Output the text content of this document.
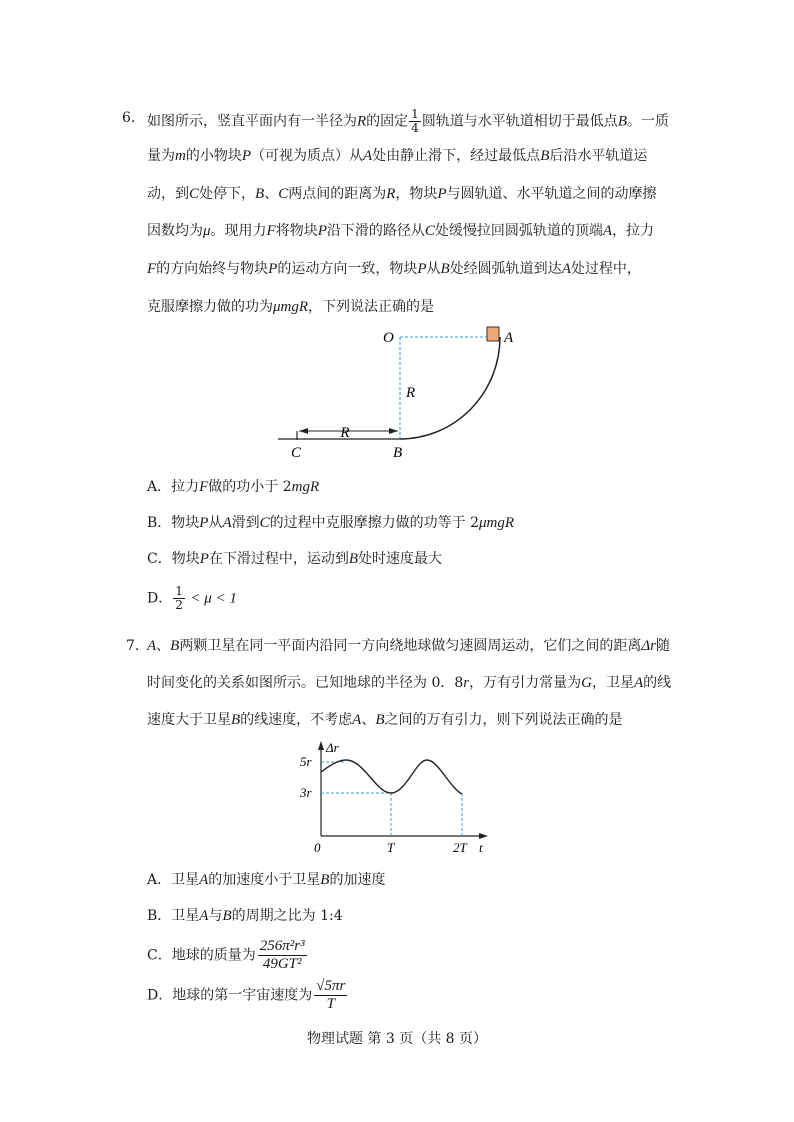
6. 如图所示，竖直平面内有一半径为R的固定 $\frac{1}{4}$ 圆轨道与水平轨道相切于最低点B。一质
量为m的小物块P（可视为质点）从A处由静止滑下，经过最低点B后沿水平轨道运
动，到C处停下，B、C两点间的距离为R，物块P与圆轨道、水平轨道之间的动摩擦
因数均为μ。现用力F将物块P沿下滑的路径从C处缓慢拉回圆弧轨道的顶端A，拉力
F的方向始终与物块P的运动方向一致，物块P从B处经圆弧轨道到达A处过程中，
克服摩擦力做的功为μmgR，下列说法正确的是
O	A
R
R
C	B
A．拉力F做的功小于 2mgR
B．物块P从A滑到C的过程中克服摩擦力做的功等于 2μmgR
C．物块P在下滑过程中，运动到B处时速度最大
D． $\frac{1}{2} < \mu < 1$
7. A、B两颗卫星在同一平面内沿同一方向绕地球做匀速圆周运动，它们之间的距离Δr随
时间变化的关系如图所示。已知地球的半径为 0．8r，万有引力常量为G，卫星A的线
速度大于卫星B的线速度，不考虑A、B之间的万有引力，则下列说法正确的是
Δr
5r
3r
0	T	2T t
A．卫星A的加速度小于卫星B的加速度
B．卫星A与B的周期之比为 1:4
C．地球的质量为 $\frac{\text{256π²r³}}{\text{49GT²}}$
D．地球的第一宇宙速度为 $\frac{√5\pi r}{T}$
物理试题 第 3 页（共 8 页）
